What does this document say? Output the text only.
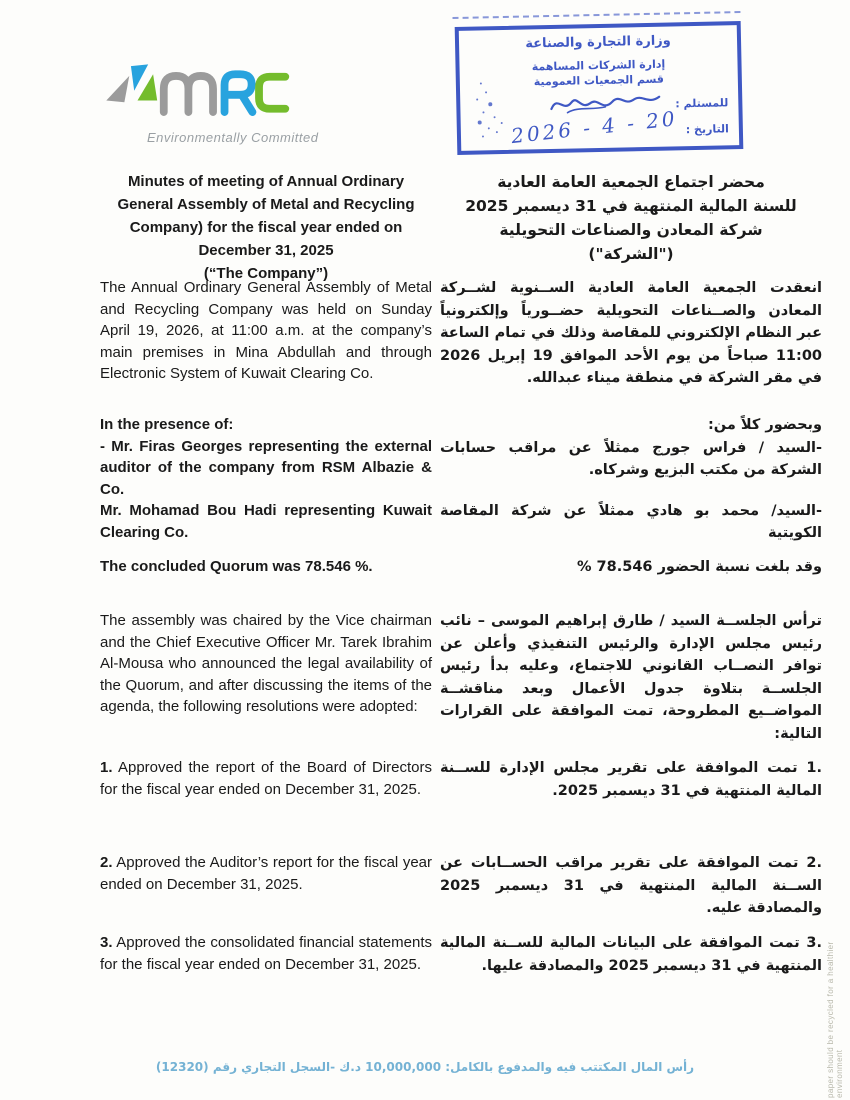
Environmentally Committed
وزارة التجارة والصناعة
إدارة الشركات المساهمة
قسم الجمعيات العمومية
للمستلم :
التاريخ :
2026 - 4 - 20

Minutes of meeting of Annual Ordinary General Assembly of Metal and Recycling Company) for the fiscal year ended on December 31, 2025

(“The Company”)

محضر اجتماع الجمعية العامة العادية

للسنة المالية المنتهية في 31 ديسمبر 2025

شركة المعادن والصناعات التحويلية

("الشركة")

The Annual Ordinary General Assembly of Metal and Recycling Company was held on Sunday April 19, 2026, at 11:00 a.m. at the company’s main premises in Mina Abdullah and through Electronic System of Kuwait Clearing Co.

انعقدت الجمعية العامة العادية الســنوية لشــركة المعادن والصــناعات التحويلية حضــورياً وإلكترونياً عبر النظام الإلكتروني للمقاصة وذلك في تمام الساعة 11:00 صباحاً من يوم الأحد الموافق 19 إبريل 2026 في مقر الشركة في منطقة ميناء عبدالله.

In the presence of:

- Mr. Firas Georges representing the external auditor of the company from RSM Albazie & Co.

Mr. Mohamad Bou Hadi representing Kuwait Clearing Co.

وبحضور كلاً من:

-السيد / فراس جورج ممثلاً عن مراقب حسابات الشركة من مكتب البزيع وشركاه.

-السيد/ محمد بو هادي ممثلاً عن شركة المقاصة الكويتية

The concluded Quorum was 78.546 %.	وقد بلغت نسبة الحضور 78.546 %

The assembly was chaired by the Vice chairman and the Chief Executive Officer Mr. Tarek Ibrahim Al-Mousa who announced the legal availability of the Quorum, and after discussing the items of the agenda, the following resolutions were adopted:

ترأس الجلســة السيد / طارق إبراهيم الموسى – نائب رئيس مجلس الإدارة والرئيس التنفيذي وأعلن عن توافر النصــاب القانوني للاجتماع، وعليه بدأ رئيس الجلســة بتلاوة جدول الأعمال وبعد مناقشــة المواضــيع المطروحة، تمت الموافقة على القرارات التالية:

1. Approved the report of the Board of Directors for the fiscal year ended on December 31, 2025.

1. تمت الموافقة على تقرير مجلس الإدارة للســنة المالية المنتهية في 31 ديسمبر 2025.

2. Approved the Auditor’s report for the fiscal year ended on December 31, 2025.

2. تمت الموافقة على تقرير مراقب الحســابات عن الســنة المالية المنتهية في 31 ديسمبر 2025 والمصادقة عليه.

3. Approved the consolidated financial statements for the fiscal year ended on December 31, 2025.

3. تمت الموافقة على البيانات المالية للســنة المالية المنتهية في 31 ديسمبر 2025 والمصادقة عليها. paper should be recycled for a healthier environment
رأس المال المكتتب فيه والمدفوع بالكامل: 10,000,000 د.ك -السجل التجاري رقم (12320)
